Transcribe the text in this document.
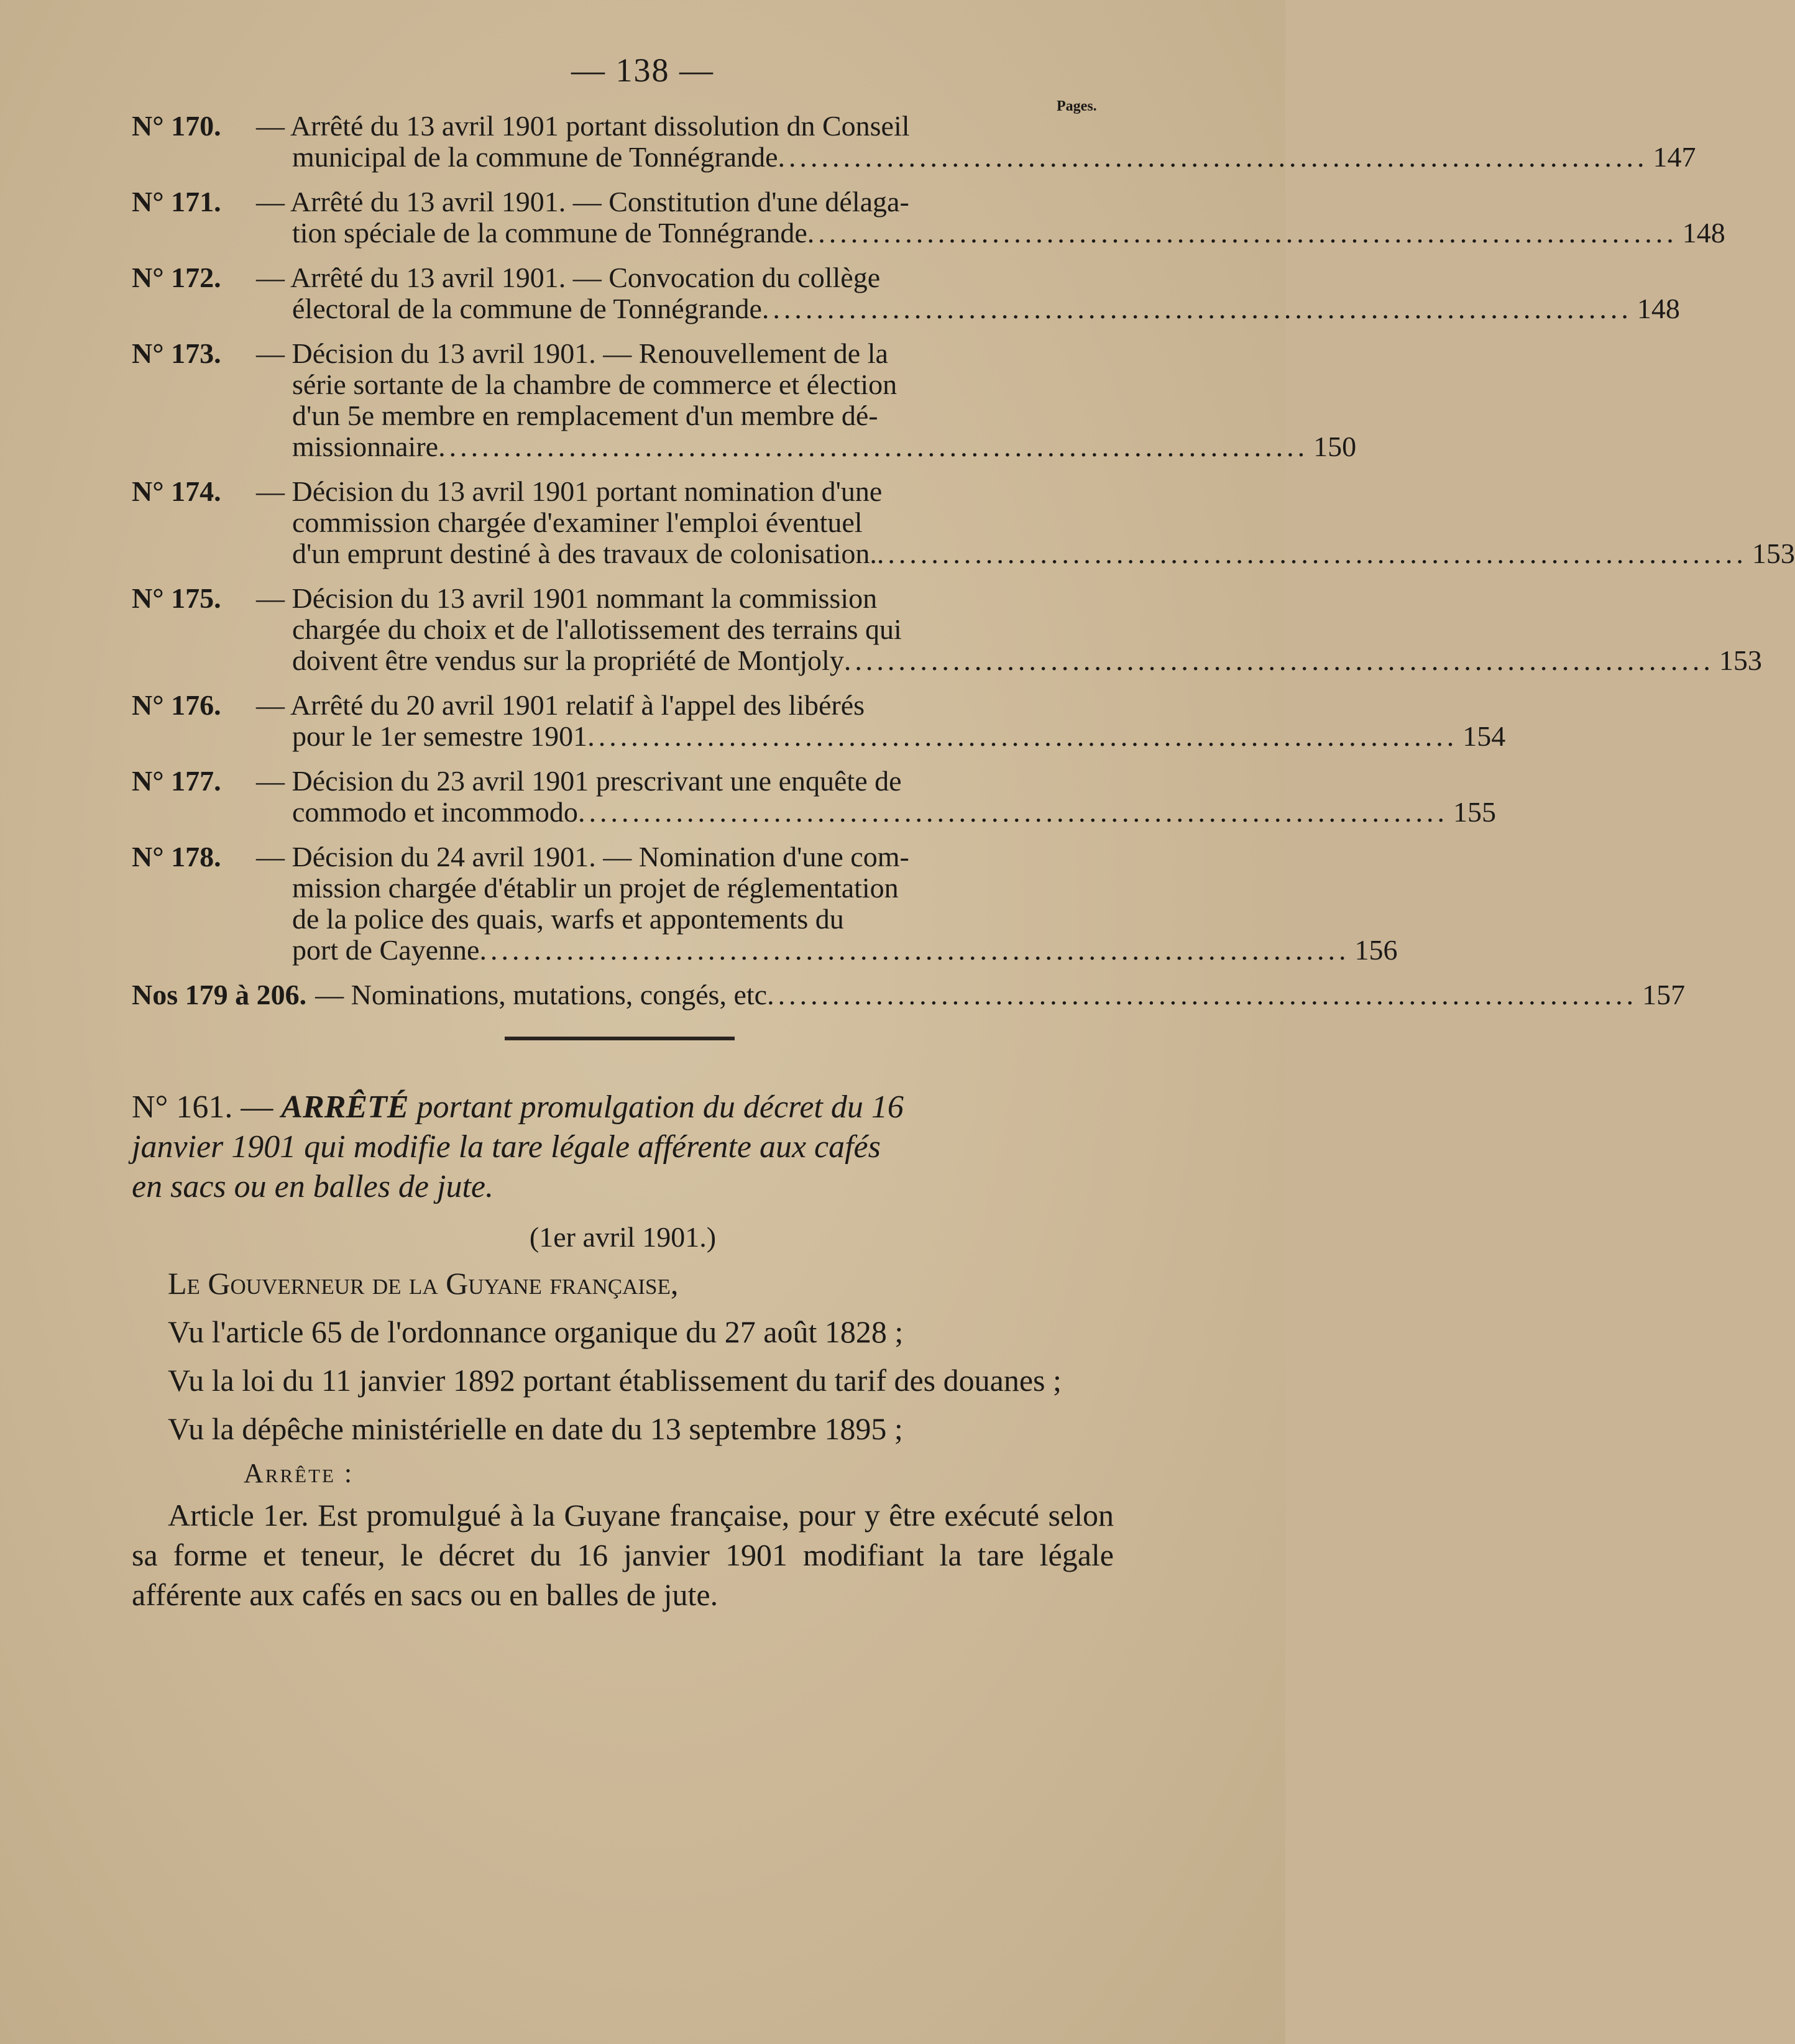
— 138 —
Pages.
N° 170.	— Arrêté du 13 avril 1901 portant dissolution dn Conseil
municipal de la commune de Tonnégrande ................................................................................ 147
N° 171.	— Arrêté du 13 avril 1901. — Constitution d'une délaga-
tion spéciale de la commune de Tonnégrande ................................................................................ 148
N° 172.	— Arrêté du 13 avril 1901. — Convocation du collège
électoral de la commune de Tonnégrande ................................................................................ 148
N° 173.	— Décision du 13 avril 1901. — Renouvellement de la
série sortante de la chambre de commerce et élection
d'un 5e membre en remplacement d'un membre dé-
missionnaire ................................................................................ 150
N° 174.	— Décision du 13 avril 1901 portant nomination d'une
commission chargée d'examiner l'emploi éventuel
d'un emprunt destiné à des travaux de colonisation. ................................................................................ 153
N° 175.	— Décision du 13 avril 1901 nommant la commission
chargée du choix et de l'allotissement des terrains qui
doivent être vendus sur la propriété de Montjoly ................................................................................ 153
N° 176.	— Arrêté du 20 avril 1901 relatif à l'appel des libérés
pour le 1er semestre 1901 ................................................................................ 154
N° 177.	— Décision du 23 avril 1901 prescrivant une enquête de
commodo et incommodo ................................................................................ 155
N° 178.	— Décision du 24 avril 1901. — Nomination d'une com-
mission chargée d'établir un projet de réglementation
de la police des quais, warfs et appontements du
port de Cayenne ................................................................................ 156
Nos 179 à 206. — Nominations, mutations, congés, etc ................................................................................ 157

N° 161. — ARRÊTÉ portant promulgation du décret du 16

janvier 1901 qui modifie la tare légale afférente aux cafés

en sacs ou en balles de jute.

(1er avril 1901.)

Le Gouverneur de la Guyane française,

Vu l'article 65 de l'ordonnance organique du 27 août 1828 ;

Vu la loi du 11 janvier 1892 portant établissement du tarif des douanes ;

Vu la dépêche ministérielle en date du 13 septembre 1895 ;

Arrête :

Article 1er. Est promulgué à la Guyane française, pour y être exécuté selon sa forme et teneur, le décret du 16 janvier 1901 modifiant la tare légale afférente aux cafés en sacs ou en balles de jute.
